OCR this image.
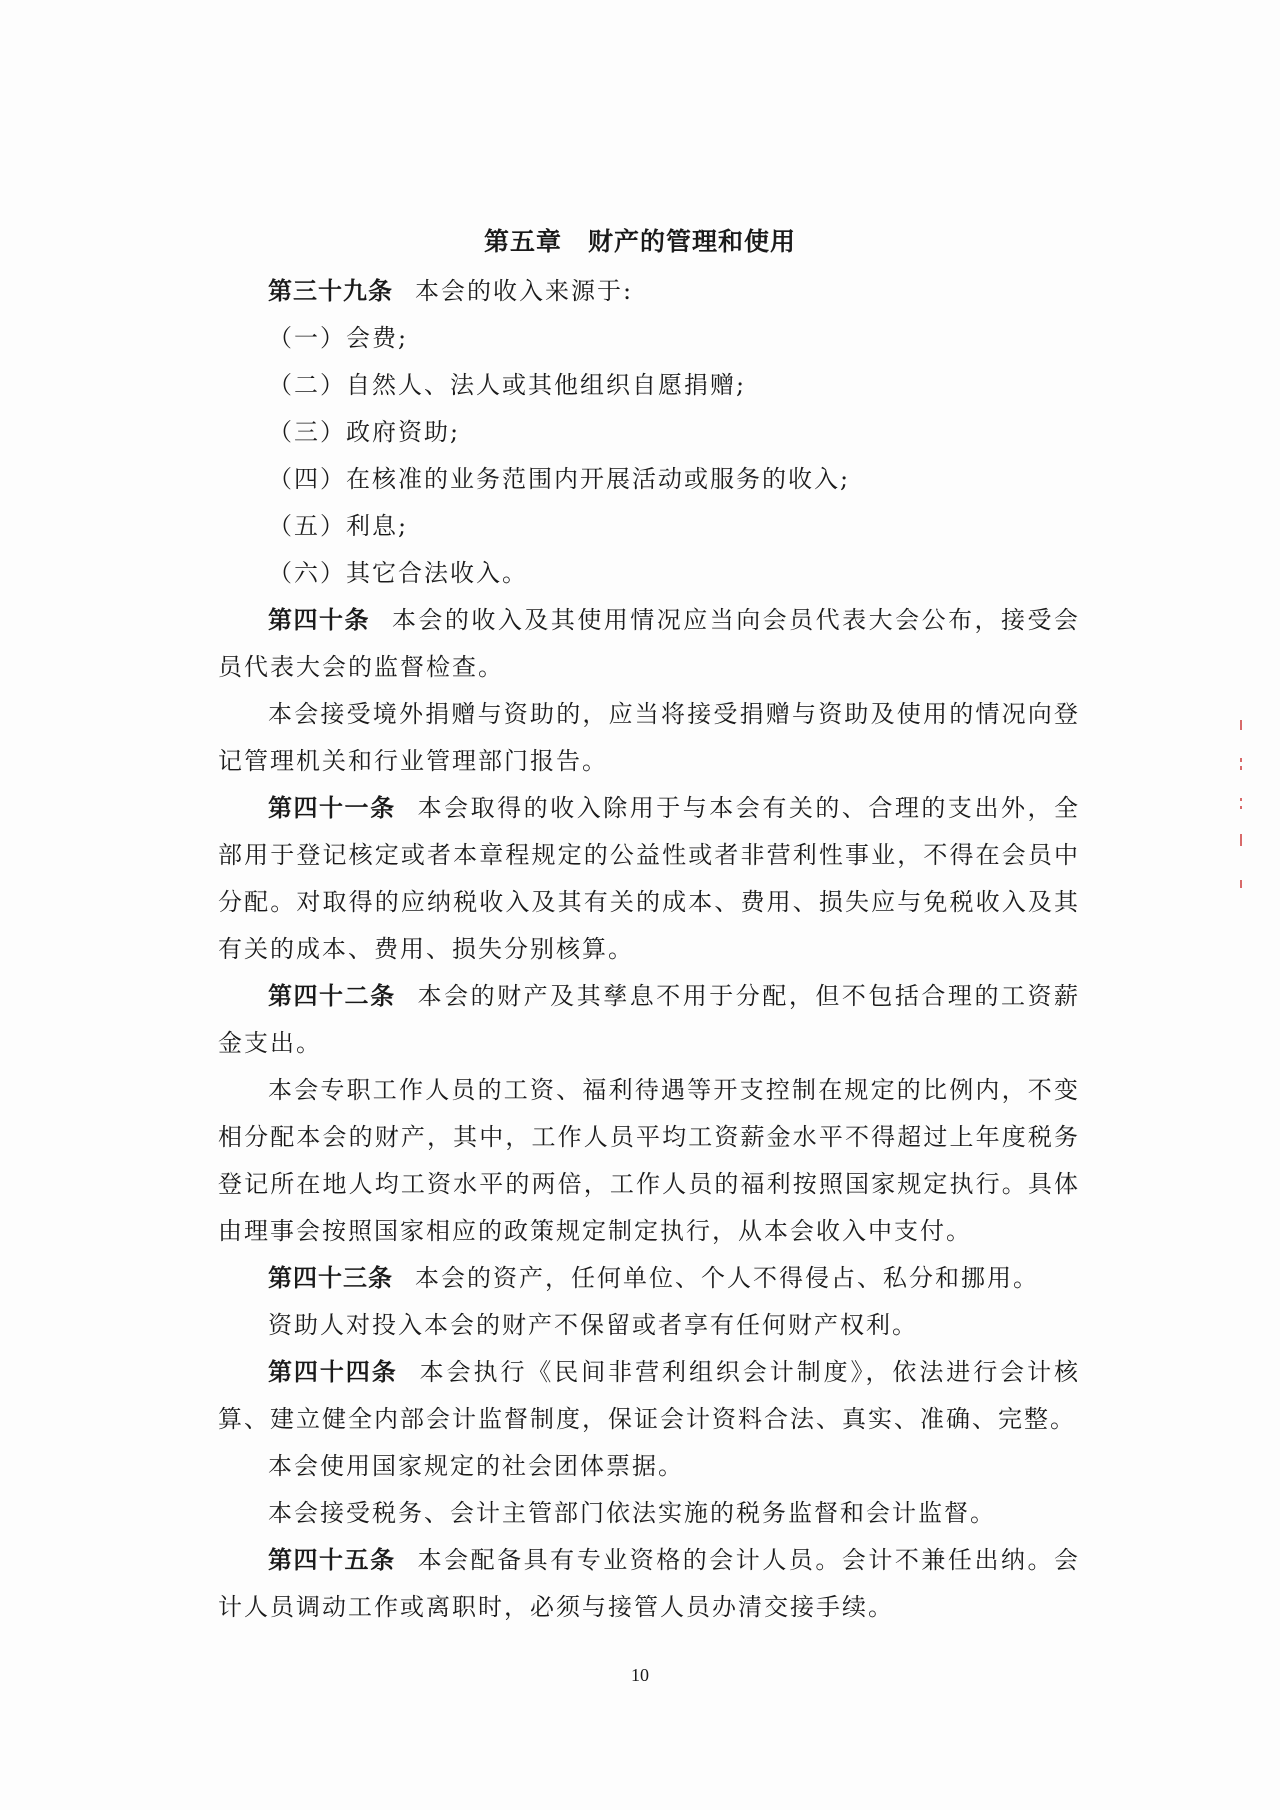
第五章　财产的管理和使用

第三十九条 本会的收入来源于:

（一）会费;

（二）自然人、法人或其他组织自愿捐赠;

（三）政府资助;

（四）在核准的业务范围内开展活动或服务的收入;

（五）利息;

（六）其它合法收入。

第四十条 本会的收入及其使用情况应当向会员代表大会公布，接受会员代表大会的监督检查。

本会接受境外捐赠与资助的，应当将接受捐赠与资助及使用的情况向登记管理机关和行业管理部门报告。

第四十一条 本会取得的收入除用于与本会有关的、合理的支出外，全部用于登记核定或者本章程规定的公益性或者非营利性事业，不得在会员中分配。对取得的应纳税收入及其有关的成本、费用、损失应与免税收入及其有关的成本、费用、损失分别核算。

第四十二条 本会的财产及其孳息不用于分配，但不包括合理的工资薪金支出。

本会专职工作人员的工资、福利待遇等开支控制在规定的比例内，不变相分配本会的财产，其中，工作人员平均工资薪金水平不得超过上年度税务登记所在地人均工资水平的两倍，工作人员的福利按照国家规定执行。具体由理事会按照国家相应的政策规定制定执行，从本会收入中支付。

第四十三条 本会的资产，任何单位、个人不得侵占、私分和挪用。

资助人对投入本会的财产不保留或者享有任何财产权利。

第四十四条 本会执行《民间非营利组织会计制度》，依法进行会计核算、建立健全内部会计监督制度，保证会计资料合法、真实、准确、完整。

本会使用国家规定的社会团体票据。

本会接受税务、会计主管部门依法实施的税务监督和会计监督。

第四十五条 本会配备具有专业资格的会计人员。会计不兼任出纳。会计人员调动工作或离职时，必须与接管人员办清交接手续。

10
